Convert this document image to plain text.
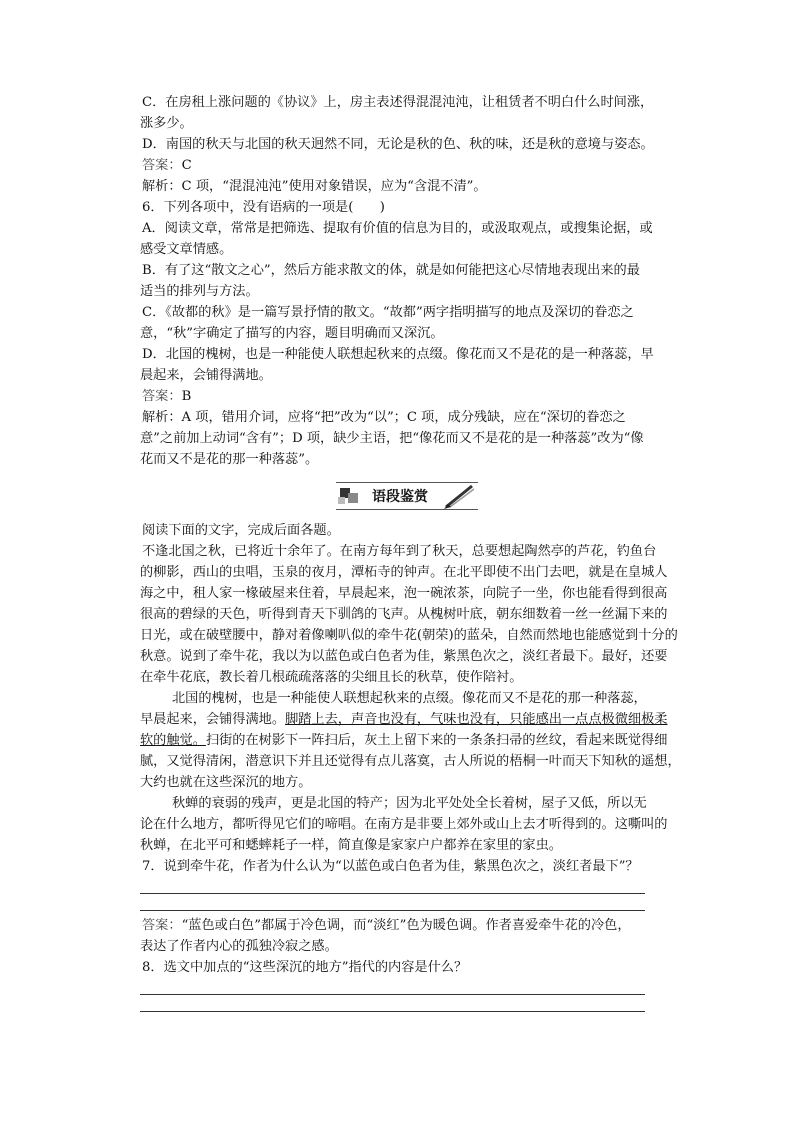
C．在房租上涨问题的《协议》上，房主表述得混混沌沌，让租赁者不明白什么时间涨，
涨多少。
D．南国的秋天与北国的秋天迥然不同，无论是秋的色、秋的味，还是秋的意境与姿态。
答案：C
解析：C 项，“混混沌沌”使用对象错误，应为“含混不清”。
6．下列各项中，没有语病的一项是(　　)
A．阅读文章，常常是把筛选、提取有价值的信息为目的，或汲取观点，或搜集论据，或
感受文章情感。
B．有了这“散文之心”，然后方能求散文的体，就是如何能把这心尽情地表现出来的最
适当的排列与方法。
C．《故都的秋》是一篇写景抒情的散文。“故都”两字指明描写的地点及深切的眷恋之
意，“秋”字确定了描写的内容，题目明确而又深沉。
D．北国的槐树，也是一种能使人联想起秋来的点缀。像花而又不是花的是一种落蕊，早
晨起来，会铺得满地。
答案：B
解析：A 项，错用介词，应将“把”改为“以”；C 项，成分残缺，应在“深切的眷恋之
意”之前加上动词“含有”；D 项，缺少主语，把“像花而又不是花的是一种落蕊”改为“像
花而又不是花的那一种落蕊”。
语段鉴赏
阅读下面的文字，完成后面各题。
不逢北国之秋，已将近十余年了。在南方每年到了秋天，总要想起陶然亭的芦花，钓鱼台
的柳影，西山的虫唱，玉泉的夜月，潭柘寺的钟声。在北平即使不出门去吧，就是在皇城人
海之中，租人家一椽破屋来住着，早晨起来，泡一碗浓茶，向院子一坐，你也能看得到很高
很高的碧绿的天色，听得到青天下驯鸽的飞声。从槐树叶底，朝东细数着一丝一丝漏下来的
日光，或在破壁腰中，静对着像喇叭似的牵牛花(朝荣)的蓝朵，自然而然地也能感觉到十分的
秋意。说到了牵牛花，我以为以蓝色或白色者为佳，紫黑色次之，淡红者最下。最好，还要
在牵牛花底，教长着几根疏疏落落的尖细且长的秋草，使作陪衬。
北国的槐树，也是一种能使人联想起秋来的点缀。像花而又不是花的那一种落蕊，
早晨起来，会铺得满地。脚踏上去，声音也没有，气味也没有，只能感出一点点极微细极柔
软的触觉。扫街的在树影下一阵扫后，灰土上留下来的一条条扫帚的丝纹，看起来既觉得细
腻，又觉得清闲，潜意识下并且还觉得有点儿落寞，古人所说的梧桐一叶而天下知秋的遥想，
大约也就在这些深沉的地方。
秋蝉的衰弱的残声，更是北国的特产；因为北平处处全长着树，屋子又低，所以无
论在什么地方，都听得见它们的啼唱。在南方是非要上郊外或山上去才听得到的。这嘶叫的
秋蝉，在北平可和蟋蟀耗子一样，简直像是家家户户都养在家里的家虫。
7．说到牵牛花，作者为什么认为“以蓝色或白色者为佳，紫黑色次之，淡红者最下”？
答案：“蓝色或白色”都属于冷色调，而“淡红”色为暖色调。作者喜爱牵牛花的冷色，
表达了作者内心的孤独冷寂之感。
8．选文中加点的“这些深沉的地方”指代的内容是什么？
